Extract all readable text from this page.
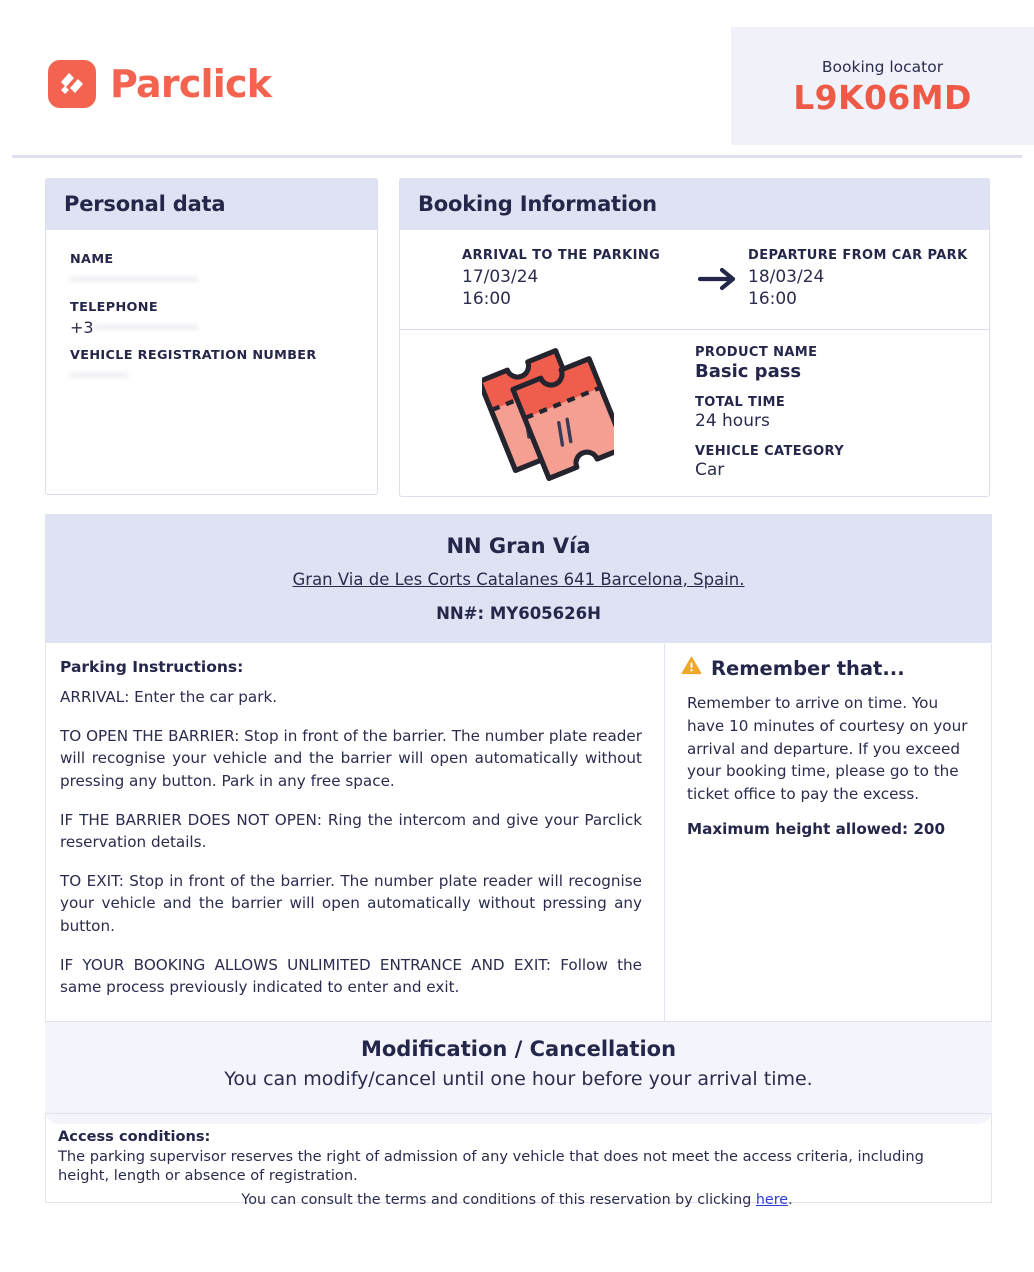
Parclick	Booking locator
L9K06MD
Personal data
NAME

TELEPHONE
+3

VEHICLE REGISTRATION NUMBER

Booking Information
ARRIVAL TO THE PARKING
17/03/24
16:00
DEPARTURE FROM CAR PARK
18/03/24
16:00
PRODUCT NAME
Basic pass
TOTAL TIME
24 hours
VEHICLE CATEGORY
Car
NN Gran Vía
Gran Via de Les Corts Catalanes 641 Barcelona, Spain.
NN#: MY605626H
Parking Instructions:

ARRIVAL: Enter the car park.

TO OPEN THE BARRIER: Stop in front of the barrier. The number plate reader will recognise your vehicle and the barrier will open automatically without pressing any button. Park in any free space.

IF THE BARRIER DOES NOT OPEN: Ring the intercom and give your Parclick reservation details.

TO EXIT: Stop in front of the barrier. The number plate reader will recognise your vehicle and the barrier will open automatically without pressing any button.

IF YOUR BOOKING ALLOWS UNLIMITED ENTRANCE AND EXIT: Follow the same process previously indicated to enter and exit.

Remember that...

Remember to arrive on time. You have 10 minutes of courtesy on your arrival and departure. If you exceed your booking time, please go to the ticket office to pay the excess.

Maximum height allowed: 200
Modification / Cancellation
You can modify/cancel until one hour before your arrival time.
Access conditions:
The parking supervisor reserves the right of admission of any vehicle that does not meet the access criteria, including height, length or absence of registration.
You can consult the terms and conditions of this reservation by clicking here.
